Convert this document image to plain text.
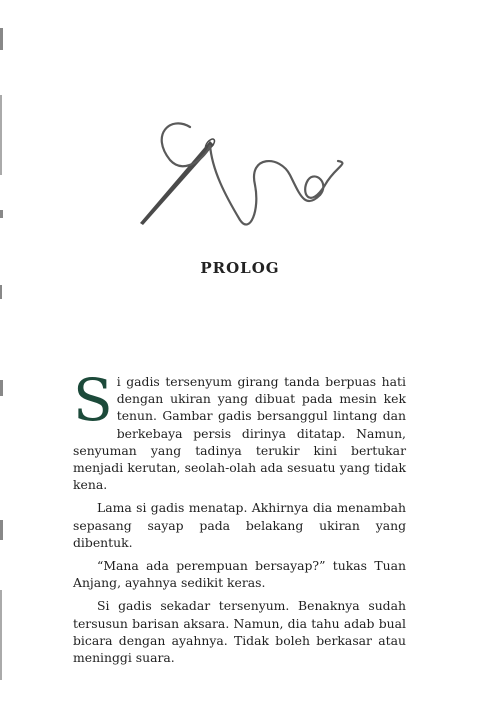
PROLOG

Si gadis tersenyum girang tanda berpuas hati dengan ukiran yang dibuat pada mesin kek tenun. Gambar gadis bersanggul lintang dan berkebaya persis dirinya ditatap. Namun, senyuman yang tadinya terukir kini bertukar menjadi kerutan, seolah-olah ada sesuatu yang tidak kena.

Lama si gadis menatap. Akhirnya dia menambah sepasang sayap pada belakang ukiran yang dibentuk.

“Mana ada perempuan bersayap?” tukas Tuan Anjang, ayahnya sedikit keras.

Si gadis sekadar tersenyum. Benaknya sudah tersusun barisan aksara. Namun, dia tahu adab bual bicara dengan ayahnya. Tidak boleh berkasar atau meninggi suara.
